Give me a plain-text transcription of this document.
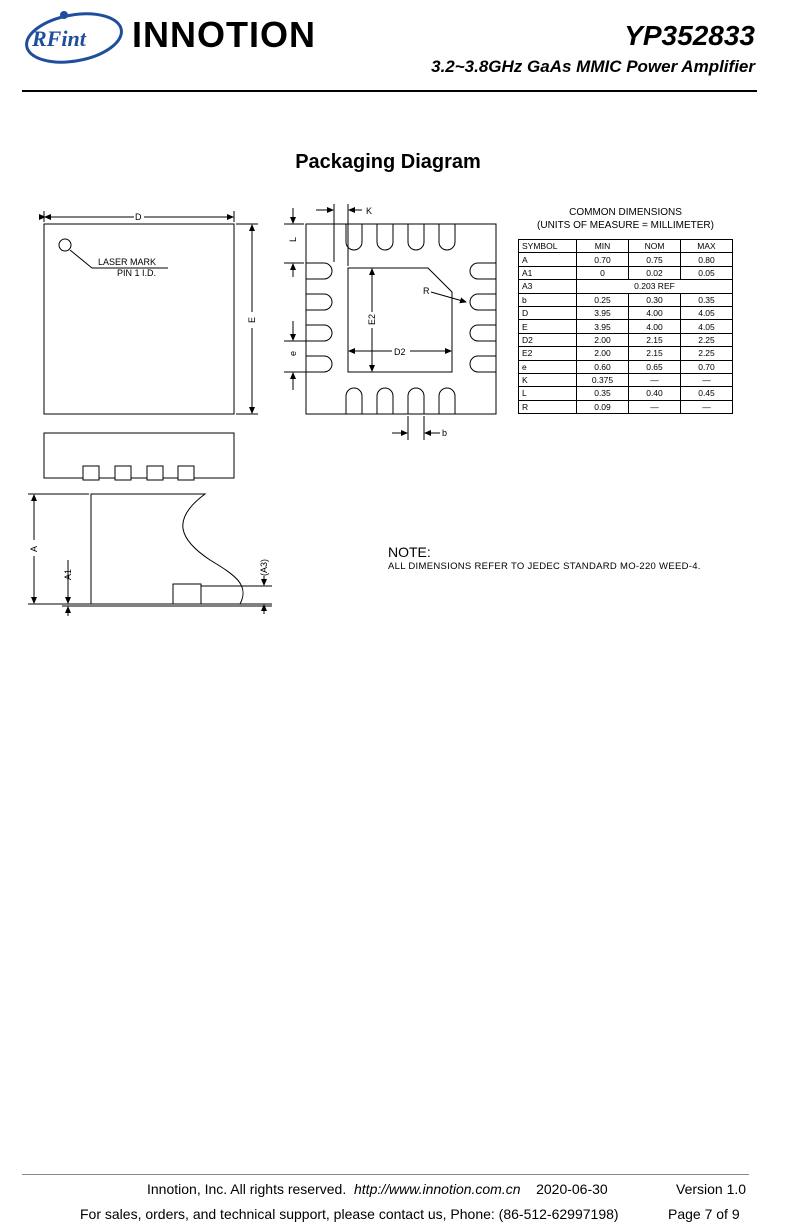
RFint INNOTION	YP352833
3.2~3.8GHz GaAs MMIC Power Amplifier
Packaging Diagram
D
E
LASER MARK
PIN 1 I.D.
K
L
e
E2
D2
R
b
A
A1	(A3)
COMMON DIMENSIONS
(UNITS OF MEASURE = MILLIMETER)
SYMBOL	MIN	NOM	MAX
A	0.70	0.75	0.80
A1	0	0.02	0.05
A3	0.203 REF		
b	0.25	0.30	0.35
D	3.95	4.00	4.05
E	3.95	4.00	4.05
D2	2.00	2.15	2.25
E2	2.00	2.15	2.25
e	0.60	0.65	0.70
K	0.375	—	—
L	0.35	0.40	0.45
R	0.09	—	—
NOTE:
ALL DIMENSIONS REFER TO JEDEC STANDARD MO-220 WEED-4.
Innotion, Inc. All rights reserved. http://www.innotion.com.cn 2020-06-30	Version 1.0
For sales, orders, and technical support, please contact us, Phone: (86-512-62997198)	Page 7 of 9
